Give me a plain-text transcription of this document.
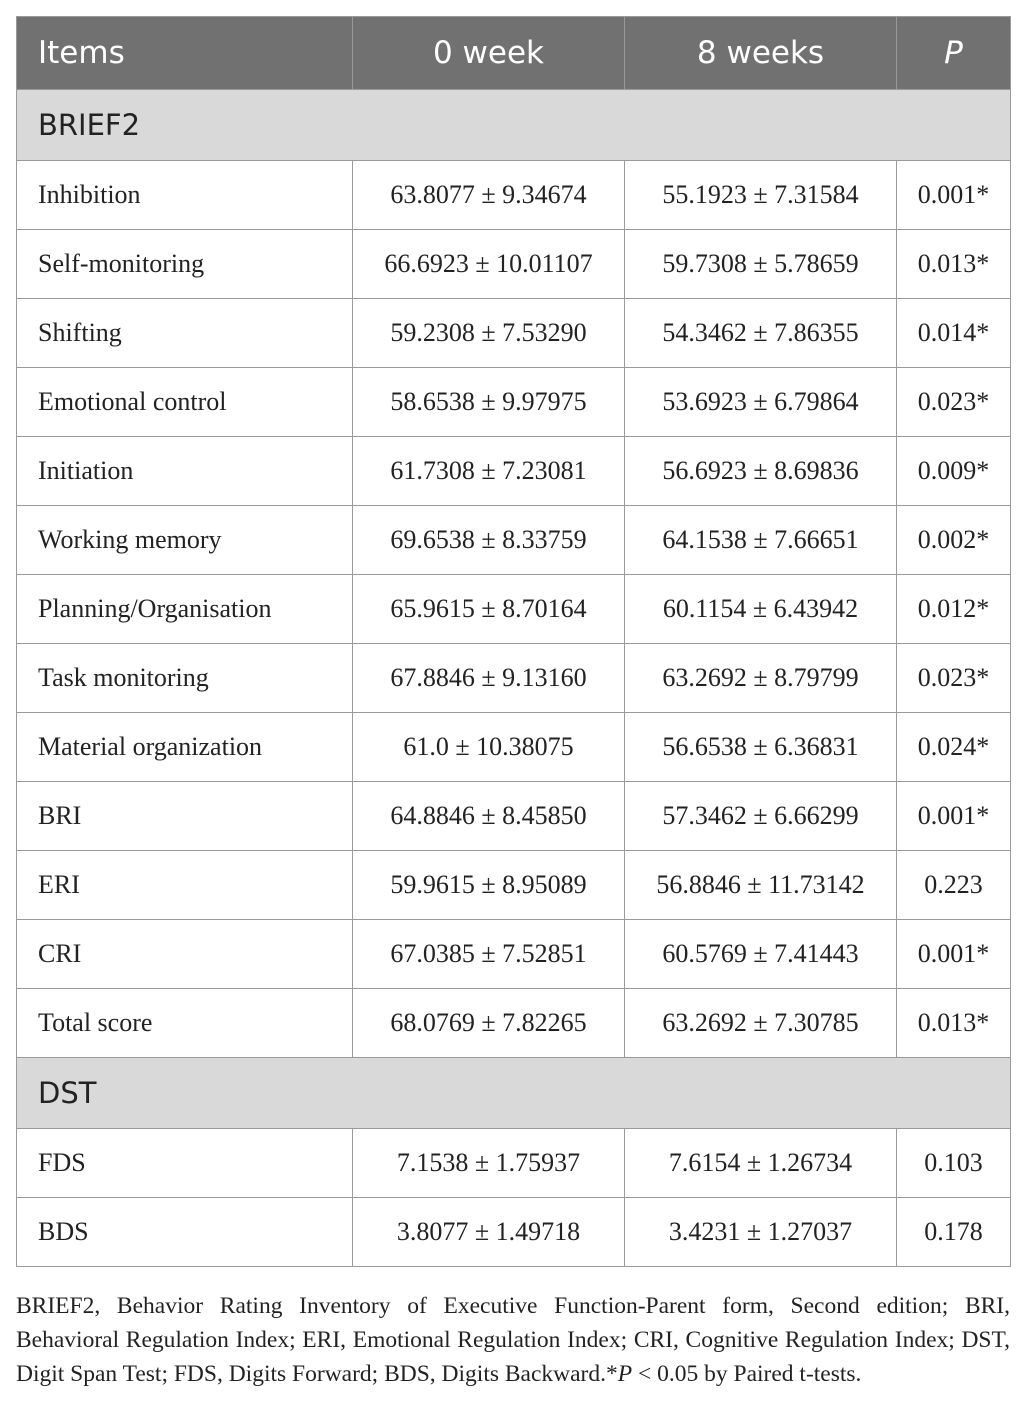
Items	0 week	8 weeks	P
BRIEF2			
Inhibition	63.8077 ± 9.34674	55.1923 ± 7.31584	0.001*
Self-monitoring	66.6923 ± 10.01107	59.7308 ± 5.78659	0.013*
Shifting	59.2308 ± 7.53290	54.3462 ± 7.86355	0.014*
Emotional control	58.6538 ± 9.97975	53.6923 ± 6.79864	0.023*
Initiation	61.7308 ± 7.23081	56.6923 ± 8.69836	0.009*
Working memory	69.6538 ± 8.33759	64.1538 ± 7.66651	0.002*
Planning/Organisation	65.9615 ± 8.70164	60.1154 ± 6.43942	0.012*
Task monitoring	67.8846 ± 9.13160	63.2692 ± 8.79799	0.023*
Material organization	61.0 ± 10.38075	56.6538 ± 6.36831	0.024*
BRI	64.8846 ± 8.45850	57.3462 ± 6.66299	0.001*
ERI	59.9615 ± 8.95089	56.8846 ± 11.73142	0.223
CRI	67.0385 ± 7.52851	60.5769 ± 7.41443	0.001*
Total score	68.0769 ± 7.82265	63.2692 ± 7.30785	0.013*
DST			
FDS	7.1538 ± 1.75937	7.6154 ± 1.26734	0.103
BDS	3.8077 ± 1.49718	3.4231 ± 1.27037	0.178
BRIEF2, Behavior Rating Inventory of Executive Function-Parent form, Second edition; BRI, Behavioral Regulation Index; ERI, Emotional Regulation Index; CRI, Cognitive Regulation Index; DST, Digit Span Test; FDS, Digits Forward; BDS, Digits Backward.*P < 0.05 by Paired t-tests.
